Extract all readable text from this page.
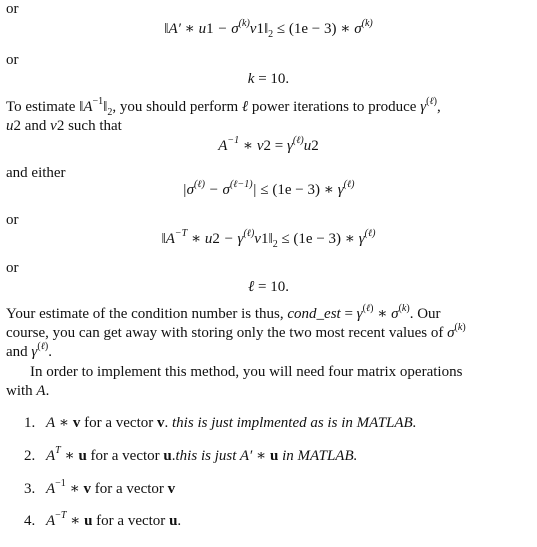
or
‖A′ ∗ $u1 - \sigma^{(k)}v1‖_2 \le (1e - 3)$ ∗ $\sigma^{(k)}$
or
k = 10.
To estimate $‖A^{-1}‖_2$, you should perform ℓ power iterations to produce $\gamma^{(\ell)}$,
u2 and v2 such that
$A^{-1}$ ∗ $v2 = \gamma^{(\ell)}u2$
and either
$|\sigma^{(\ell)} - \sigma^{(\ell-1)}| \le (1e - 3)$ ∗ $\gamma^{(\ell)}$
or
$‖A^{-T}$ ∗ $u2 - \gamma^{(\ell)}v1‖_2 \le (1e - 3)$ ∗ $\gamma^{(\ell)}$
or
ℓ = 10.
Your estimate of the condition number is thus, cond_est = $\gamma^{(\ell)}$ ∗ $\sigma^{(k)}$. Our
course, you can get away with storing only the two most recent values of $\sigma^{(k)}$
and $\gamma^{(\ell)}$.
In order to implement this method, you will need four matrix operations
with A.
1. A ∗ v for a vector v. this is just implmented as is in MATLAB.
2. $A^T$ ∗ u for a vector u.this is just A′ ∗ u in MATLAB.
3. $A^{-1}$ ∗ v for a vector v
4. $A^{-T}$ ∗ u for a vector u.
